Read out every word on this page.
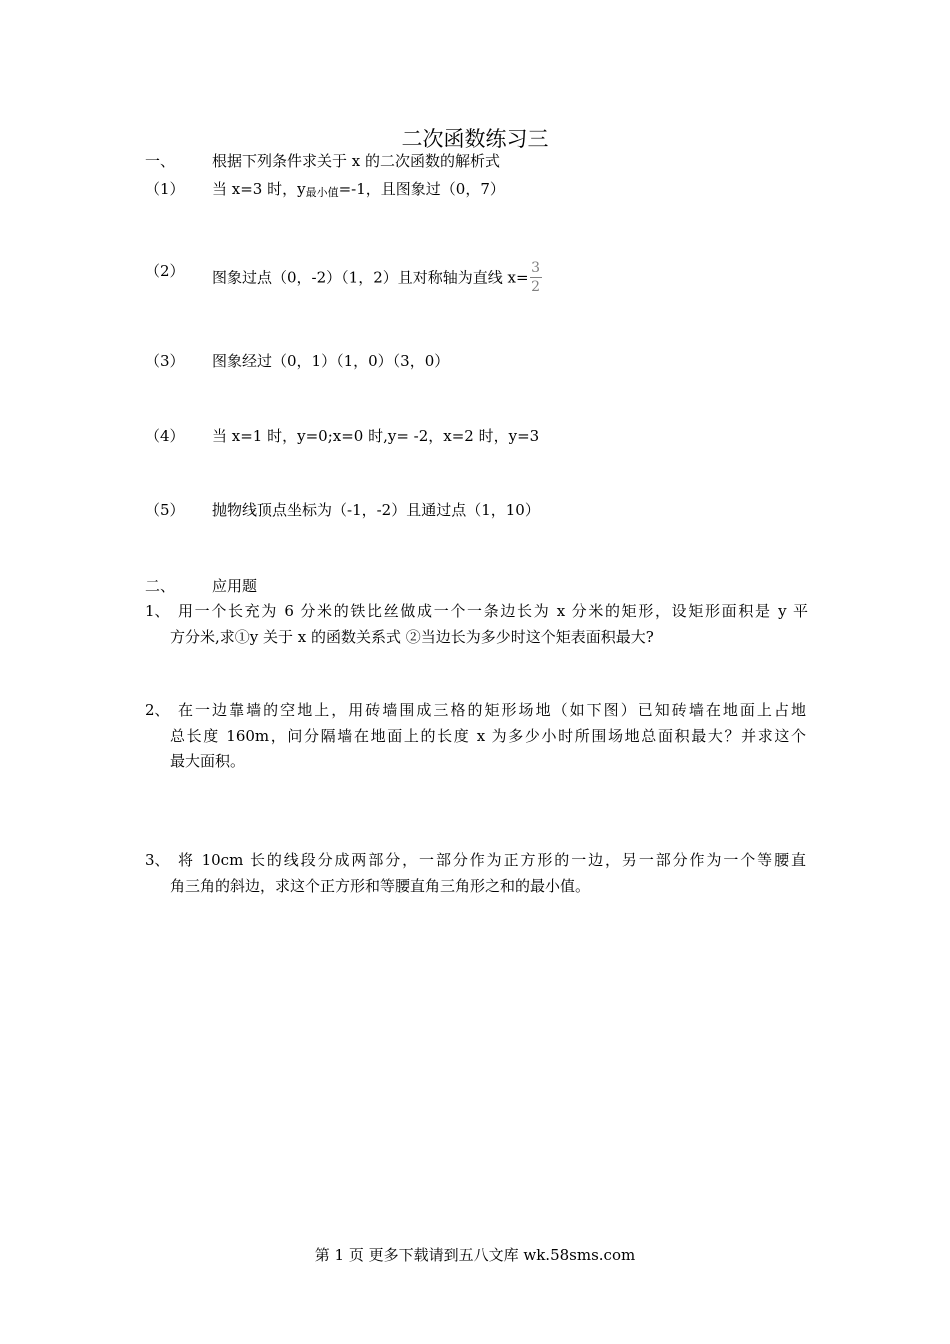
二次函数练习三
一、 根据下列条件求关于 x 的二次函数的解析式
（1） 当 x=3 时，y最小值=-1，且图象过（0，7）
（2） 图象过点（0，-2）（1，2）且对称轴为直线 $x=\frac{3}{2}$
（3） 图象经过（0，1）（1，0）（3，0）
（4） 当 x=1 时，y=0;x=0 时,y= -2，x=2 时，y=3
（5） 抛物线顶点坐标为（-1，-2）且通过点（1，10）
二、 应用题
1、 用一个长充为 6 分米的铁比丝做成一个一条边长为 x 分米的矩形，设矩形面积是 y 平
方分米,求①y 关于 x 的函数关系式 ②当边长为多少时这个矩表面积最大?
2、 在一边靠墙的空地上，用砖墙围成三格的矩形场地（如下图）已知砖墙在地面上占地
总长度 160m，问分隔墙在地面上的长度 x 为多少小时所围场地总面积最大？并求这个
最大面积。
3、 将 10cm 长的线段分成两部分，一部分作为正方形的一边，另一部分作为一个等腰直
角三角的斜边，求这个正方形和等腰直角三角形之和的最小值。
第 1 页 更多下载请到五八文库 wk.58sms.com
